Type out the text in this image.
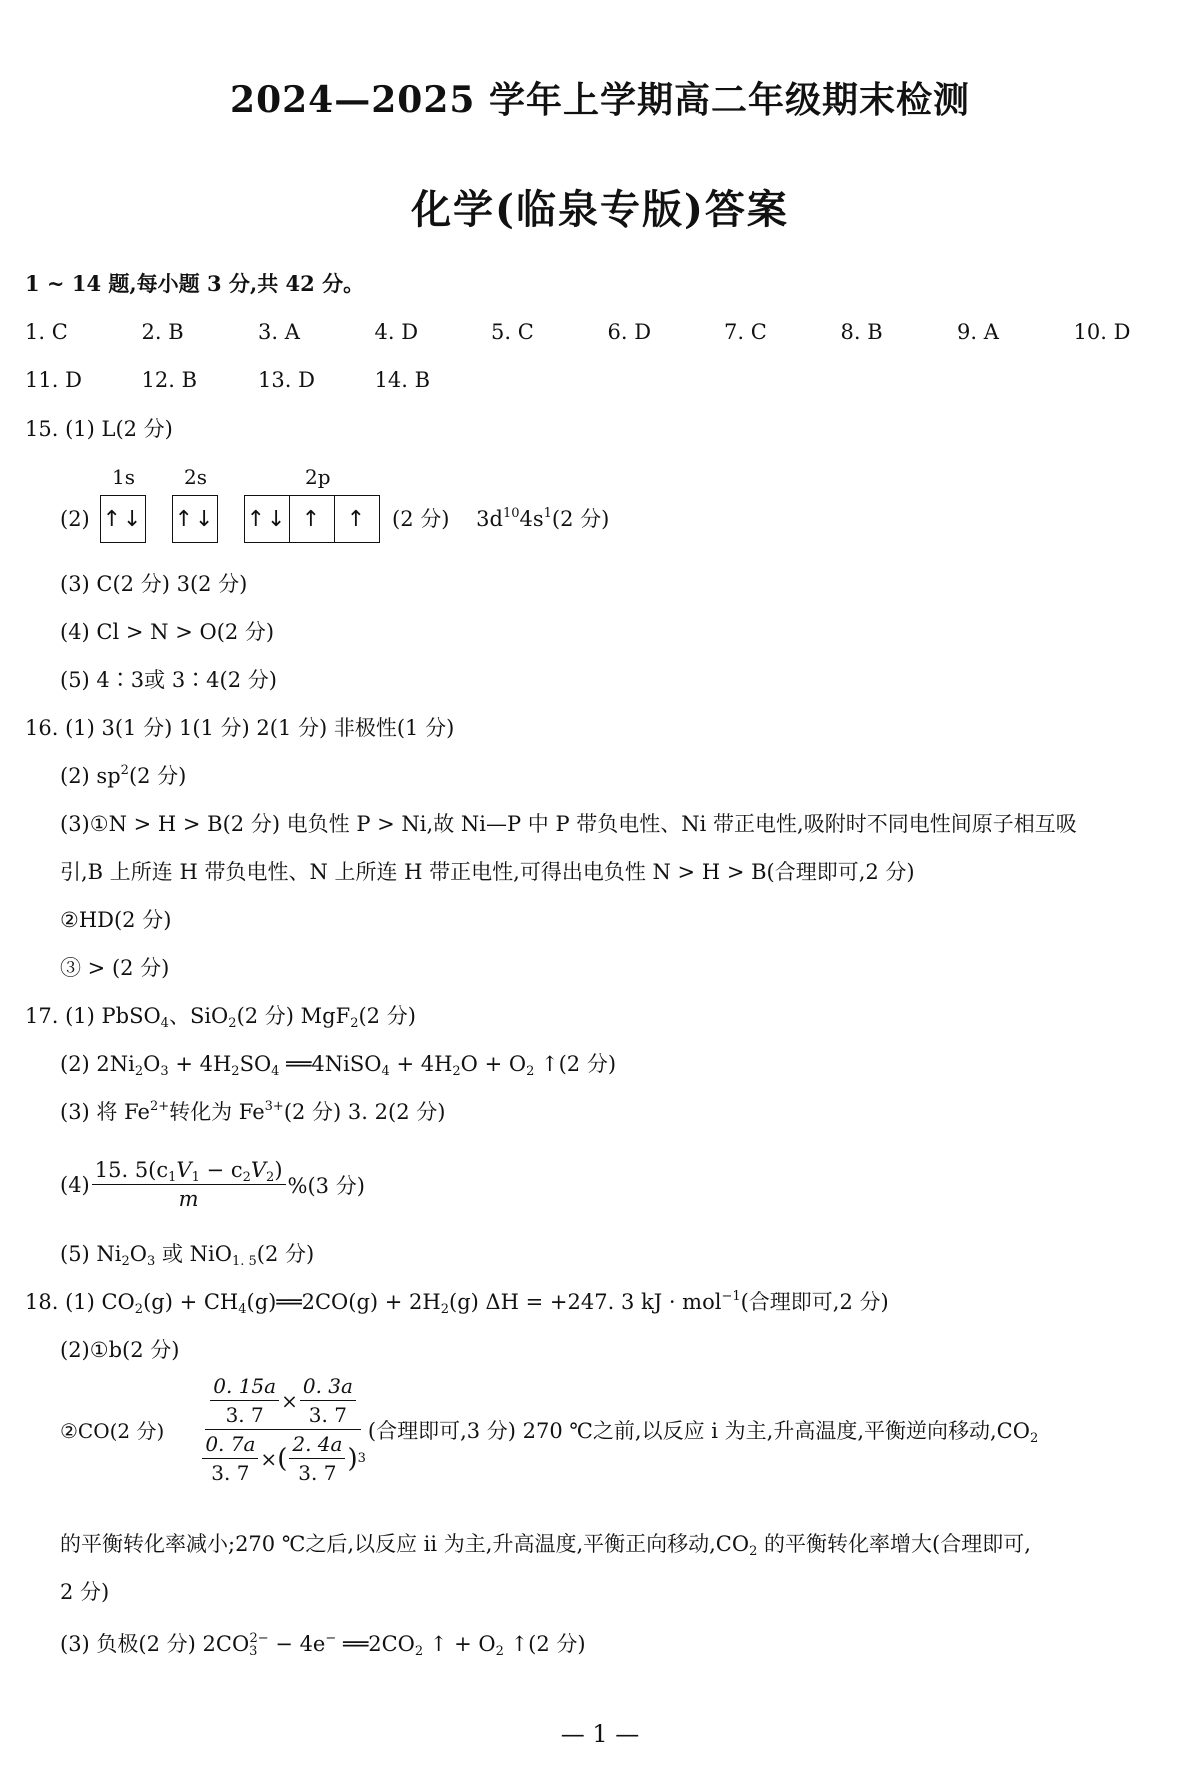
2024—2025 学年上学期高二年级期末检测
化学(临泉专版)答案
1 ~ 14 题,每小题 3 分,共 42 分。
1. C	2. B	3. A	4. D	5. C	6. D	7. C	8. B	9. A	10. D
11. D	12. B	13. D	14. B
15. (1) L(2 分)
1s 2s	2p
(2) ↑↓ ↑↓ ↑↓ ↑	↑	(2 分) $3d^{10}4s^1(2$ 分)
(3) C(2 分) 3(2 分)
(4) Cl > N > O(2 分)
(5) 4∶3或 3∶4(2 分)
16. (1) 3(1 分) 1(1 分) 2(1 分) 非极性(1 分)
(2) $sp^2(2$ 分)
(3)①N > H > B(2 分) 电负性 P > Ni,故 Ni—P 中 P 带负电性、Ni 带正电性,吸附时不同电性间原子相互吸
引,B 上所连 H 带负电性、N 上所连 H 带正电性,可得出电负性 N > H > B(合理即可,2 分)
②HD(2 分)
③ > (2 分)
17. (1) PbSO$_4$、SiO$_2$(2 分) MgF$_2$(2 分)
(2) $2Ni_2O_3 + 4H_2SO_4$ ══4NiSO$_4$ + $4H_2O + O_2$ ↑(2 分)
(3) 将 $Fe^{2+}$转化为 $Fe^{3+}(2$ 分) 3. 2(2 分)
$(4) \frac{15. 5(c_1V_1 - c_2V_2)}{m} \%(3$ 分)
(5) $Ni_2O_3$ 或 NiO$_{1. 5}$(2 分)
18. (1) $CO_2(g)$ + $CH_4(g)══2CO(g) + 2H_2(g) \Delta H = +247$. 3 kJ · mol$^{-1}$(合理即可,2 分)
(2)①b(2 分)
②CO(2 分) $\frac{\frac{0. 15a}{3. 7} \times \frac{0. 3a}{3. 7}}{\frac{0. 7a}{3. 7} \times ( \frac{2. 4a}{3. 7} ) 3}$ (合理即可,3 分) 270 ℃之前,以反应 ⅰ 为主,升高温度,平衡逆向移动$,CO_2$
的平衡转化率减小;270 ℃之后,以反应 ⅱ 为主,升高温度,平衡正向移动$,CO_2$ 的平衡转化率增大(合理即可,
2 分)
(3) 负极(2 分) $2CO_3^{2-} - 4e^-$ $══2CO_2$ ↑ + $O_2$ ↑(2 分)
— 1 —
